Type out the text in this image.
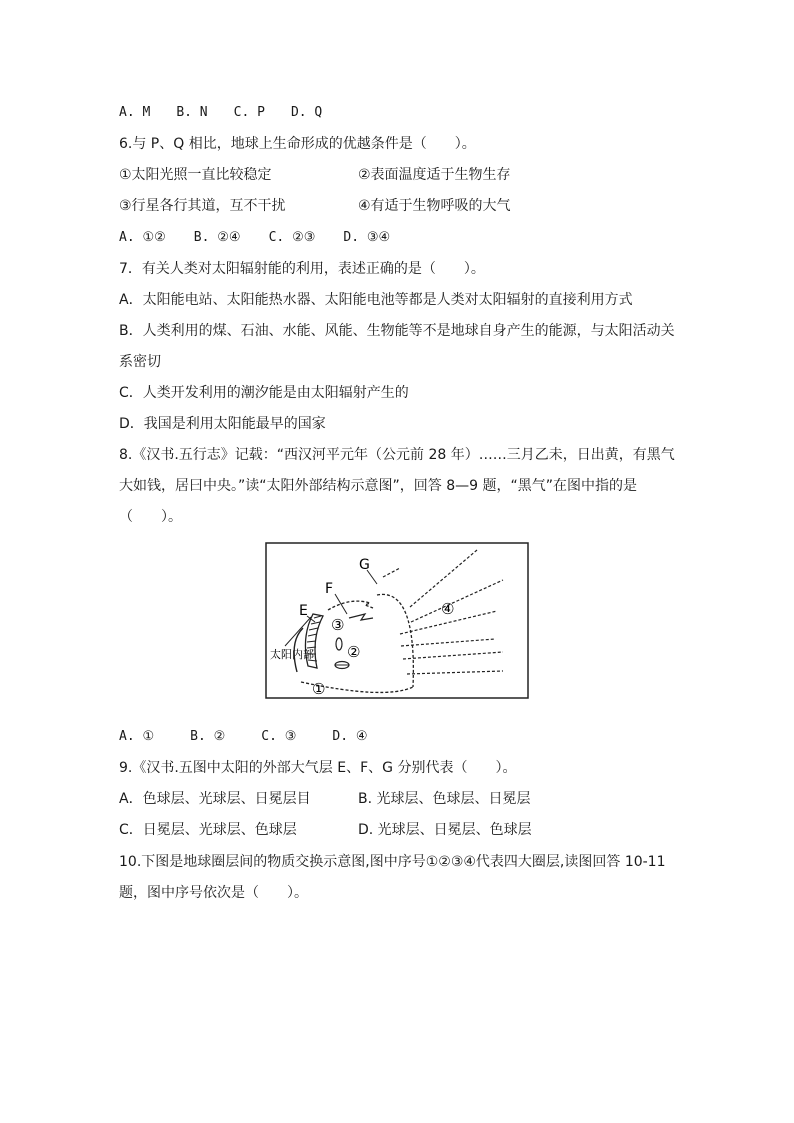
A. M B. N C. P D. Q
6.与 P、Q 相比，地球上生命形成的优越条件是（　　）。
①太阳光照一直比较稳定	②表面温度适于生物生存
③行星各行其道，互不干扰	④有适于生物呼吸的大气
A. ①② B. ②④ C. ②③ D. ③④
7．有关人类对太阳辐射能的利用，表述正确的是（　　）。
A．太阳能电站、太阳能热水器、太阳能电池等都是人类对太阳辐射的直接利用方式
B．人类利用的煤、石油、水能、风能、生物能等不是地球自身产生的能源，与太阳活动关
系密切
C．人类开发利用的潮汐能是由太阳辐射产生的
D．我国是利用太阳能最早的国家
8.《汉书.五行志》记载：“西汉河平元年（公元前 28 年）……三月乙未，日出黄，有黑气
大如钱，居曰中央。”读“太阳外部结构示意图”，回答 8—9 题，“黑气”在图中指的是
（　　）。
G
F
E
太阳内部
①
②
③
④
A. ①	B. ②	C. ③	D. ④
9.《汉书.五图中太阳的外部大气层 E、F、G 分别代表（　　）。
A．色球层、光球层、日冕层目	B. 光球层、色球层、日冕层
C．日冕层、光球层、色球层	D. 光球层、日冕层、色球层
10.下图是地球圈层间的物质交换示意图,图中序号①②③④代表四大圈层,读图回答 10-11
题，图中序号依次是（　　）。
